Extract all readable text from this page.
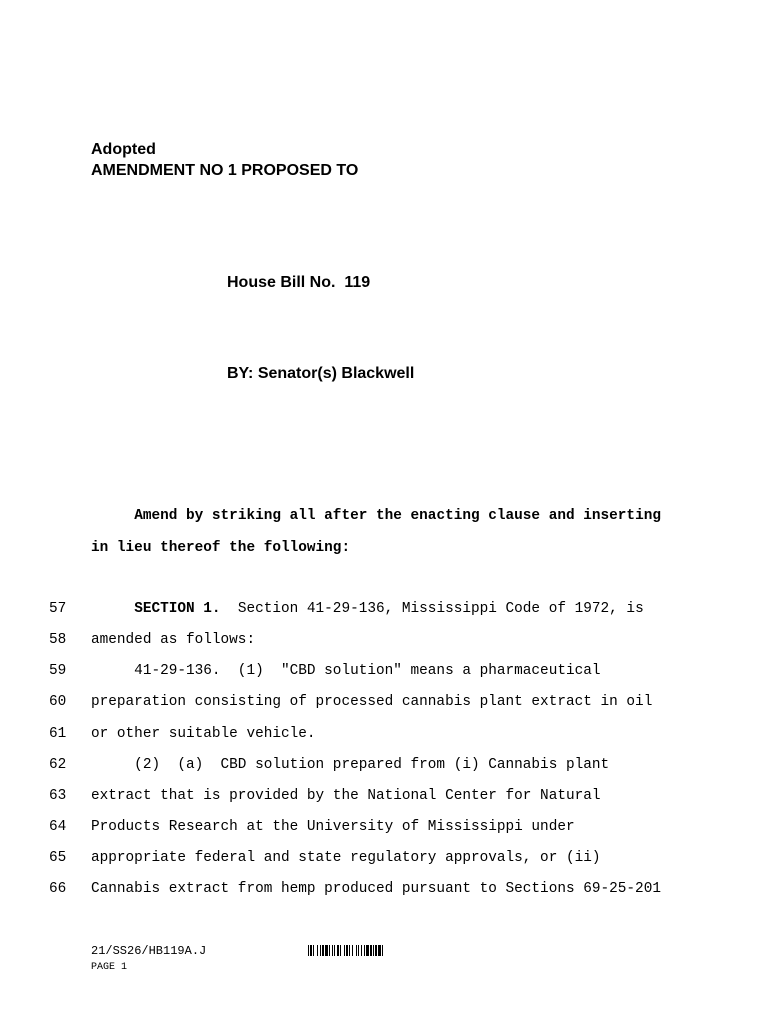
Adopted
AMENDMENT NO 1 PROPOSED TO
House Bill No.  119
BY: Senator(s) Blackwell
Amend by striking all after the enacting clause and inserting
in lieu thereof the following:
57	SECTION 1.  Section 41-29-136, Mississippi Code of 1972, is
58	amended as follows:
59	41-29-136.  (1)  "CBD solution" means a pharmaceutical
60	preparation consisting of processed cannabis plant extract in oil
61	or other suitable vehicle.
62	(2)  (a)  CBD solution prepared from (i) Cannabis plant
63	extract that is provided by the National Center for Natural
64	Products Research at the University of Mississippi under
65	appropriate federal and state regulatory approvals, or (ii)
66	Cannabis extract from hemp produced pursuant to Sections 69-25-201
21/SS26/HB119A.J
PAGE 1
